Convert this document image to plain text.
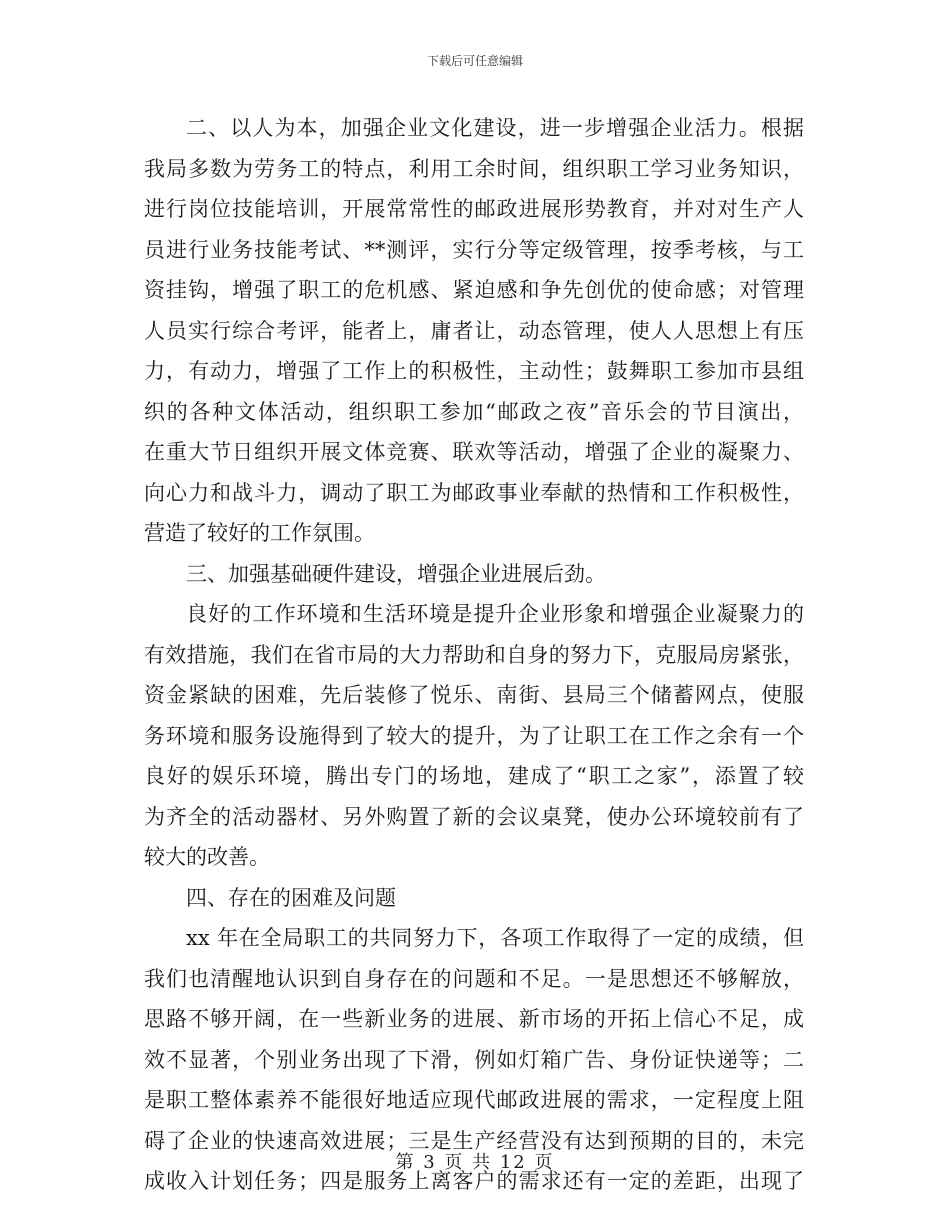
下载后可任意编辑
二、以人为本，加强企业文化建设，进一步增强企业活力。根据
我局多数为劳务工的特点，利用工余时间，组织职工学习业务知识，
进行岗位技能培训，开展常常性的邮政进展形势教育，并对对生产人
员进行业务技能考试、**测评，实行分等定级管理，按季考核，与工
资挂钩，增强了职工的危机感、紧迫感和争先创优的使命感；对管理
人员实行综合考评，能者上，庸者让，动态管理，使人人思想上有压
力，有动力，增强了工作上的积极性，主动性；鼓舞职工参加市县组
织的各种文体活动，组织职工参加“邮政之夜”音乐会的节目演出，
在重大节日组织开展文体竞赛、联欢等活动，增强了企业的凝聚力、
向心力和战斗力，调动了职工为邮政事业奉献的热情和工作积极性，
营造了较好的工作氛围。
三、加强基础硬件建设，增强企业进展后劲。
良好的工作环境和生活环境是提升企业形象和增强企业凝聚力的
有效措施，我们在省市局的大力帮助和自身的努力下，克服局房紧张，
资金紧缺的困难，先后装修了悦乐、南街、县局三个储蓄网点，使服
务环境和服务设施得到了较大的提升，为了让职工在工作之余有一个
良好的娱乐环境，腾出专门的场地，建成了“职工之家”，添置了较
为齐全的活动器材、另外购置了新的会议桌凳，使办公环境较前有了
较大的改善。
四、存在的困难及问题
xx 年在全局职工的共同努力下，各项工作取得了一定的成绩，但
我们也清醒地认识到自身存在的问题和不足。一是思想还不够解放，
思路不够开阔，在一些新业务的进展、新市场的开拓上信心不足，成
效不显著，个别业务出现了下滑，例如灯箱广告、身份证快递等；二
是职工整体素养不能很好地适应现代邮政进展的需求，一定程度上阻
碍了企业的快速高效进展；三是生产经营没有达到预期的目的，未完
成收入计划任务；四是服务上离客户的需求还有一定的差距，出现了
第 3 页 共 12 页
